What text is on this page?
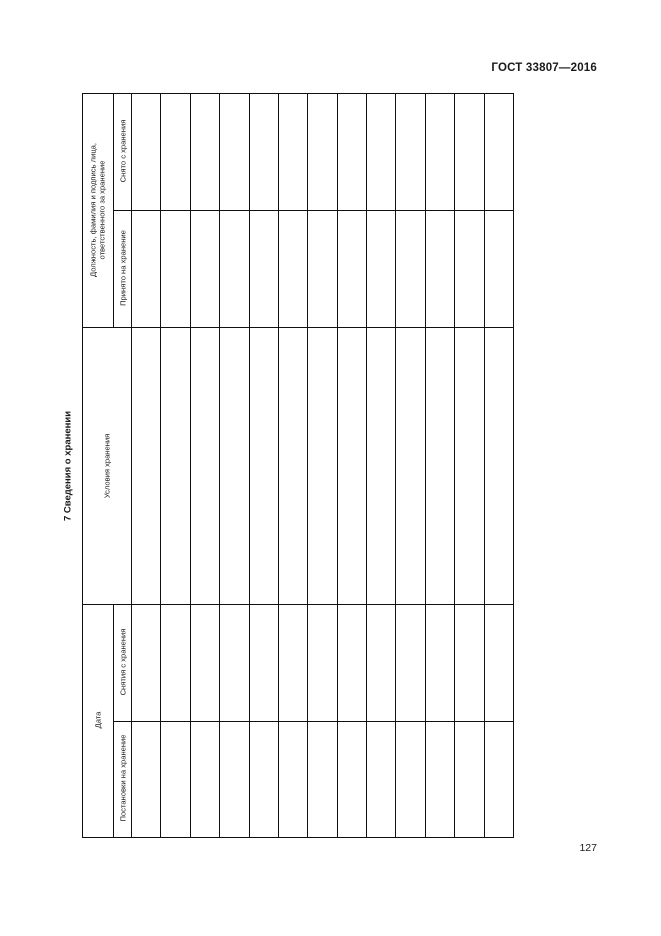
ГОСТ 33807—2016
7 Сведения о хранении
Дата
Постановки на хранение
Снятия с хранения
Условия хранения
Должность, фамилия и подпись лица, ответственного за хранение
Принято на хранение
Снято с хранения
127
